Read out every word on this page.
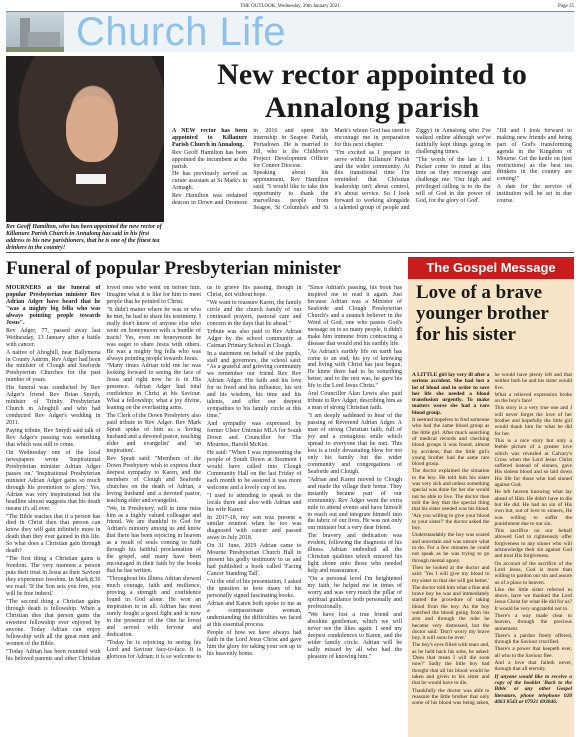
THE OUTLOOK, Wednesday, 20th January 2021	Page 25
Church Life

Rev Geoff Hamilton, who has been appointed the new rector of Killanure Parish Church in Annalong has said in his first address to his new parishioners, that he is one of the finest tea drinkers in the country!

New rector appointed to Annalong parish

A NEW rector has been appointed to Killanure Parish Church in Annalong.

Rev Geoff Hamilton has been appointed the incumbent at the parish.

He has previously served as curate assistant at St Mark's in Armagh.

Rev Hamilton was ordained deacon in Down and Dromore in 2016 and spent his internship in Seapoe Parish, Portadown. He is married to Jill, who is the Children's Project Development Officer for Connor Diocese.

Speaking about his appointment, Rev Hamilton said: "I would like to take this opportunity to thank the marvellous people from Seagoe, St Columba's and St Mark's whom God has used to encourage me in preparation for this next chapter.

"I'm excited as I prepare to serve within Killanure Parish and the wider community. At this transitional time I'm reminded that Christian leadership isn't about control, it's about service. So I look forward to working alongside a talented group of people and Ziggy) in Annalong who I've walked online although we've faithfully kept things going in challenging times.

"The words of the late J. I. Packer come to mind at this time as they encourage and challenge me: 'Our high and privileged calling is to do the will of God in the power of God, for the glory of God'.

"Jill and I look forward to making new friends and being part of God's transforming agenda in the Kingdom of Mourne. Get the kettle on (test restrictions) as the best tea drinkers in the country are coming!"

A date for the service of institution will be set in due course.

Funeral of popular Presbyterian minister

MOURNERS at the funeral of popular Presbyterian minister Rev Adrian Adger have heard that he "was a mighty big fella who was always pointing people towards Jesus".

Rev Adger, 77, passed away last Wednesday, 13 January after a battle with cancer.

A native of Aboghill, near Ballymena in County Antrim, Rev Adger had been the minister of Clough and Seaforde Presbyterian Churches for the past number of years.

His funeral was conducted by Rev Adger's friend Rev Brian Smyth, minister of Trinity Presbyterian Church in Ahoghill and who had conducted Rev Adger's wedding in 2011.

Paying tribute, Rev Smyth said talk of Rev Adger's passing was something that which was still to come.

On Wednesday one of the local newspapers wrote 'Inspirational Presbyterian minister Adrian Adger passes on.' 'Inspirational Presbyterian minister Adrian Adger gains so much through his promotion to glory.' Yes, Adrian was very inspirational but the headline almost suggests that his death means it's all over.

"The Bible teaches that if a person has died in Christ then that person can know they will gain infinitely more in death than they ever gained in this life. So what does a Christian gain through death?

"The first thing a Christian gains is freedom. The very moment a person puts their trust in Jesus as their Saviour they experience freedom. In Mark 8:36 we read: 'If the Son sets you free, you will be free indeed.'

"The second thing a Christian gains through death is fellowship. When a Christian dies that person gains the sweetest fellowship ever enjoyed by anyone. Today Adrian can enjoy fellowship with all the great men and women of the Bible.

"Today Adrian has been reunited with his beloved parents and other Christian loved ones who went on before him. Imagine what it is like for him to meet people that he pointed to Christ.

"It didn't matter where he was or who he met, he had to share his testimony. I really don't know of anyone else who went on honeymoon with a bundle of tracts! Yes, even on honeymoon he was eager to share Jesus with others. He was a mighty big fella who was always pointing people towards Jesus.

"Many times Adrian told me he was looking forward to seeing the face of Jesus and right now he is in His presence. Adrian Adger had total confidence in Christ at his Saviour. What a fellowship; what a joy divine, leaning on the everlasting arms.

The Clerk of the Down Presbytery also paid tribute to Rev Adger. Rev Mark Spratt spoke of him as a 'loving husband and a devoted pastor, teaching elder and evangelist' and 'an inspiration'.

Rev Spratt said: "Members of the Down Presbytery wish to express their deepest sympathy to Karen, and the members of Clough and Seaforde churches on the death of Adrian, a loving husband and a devoted pastor, teaching elder and evangelist.

"We, in Presbytery, will in time miss him as a highly valued colleague and friend. We are thankful to God for Adrian's ministry among us and know that there has been rejoicing in heaven as a result of souls coming to faith through his faithful proclamation of the gospel, and many have been encouraged in their faith by the books that he has written.

"Throughout his illness Adrian showed much courage, faith and resilience, proving a strength and confidence found in God alone. He won an inspiration to us all. Adrian has most surely fought a good fight and is now in the presence of the One he loved and served with fervour and dedication.

"Today he is rejoicing in seeing his Lord and Saviour face-to-face. It is glorious for Adrian; it is so welcome to us to grieve his passing, though in Christ, not without hope.

"We want to reassure Karen, the family circle and the church family of our continued prayers, pastoral care and concern in the days that lie ahead."

Tribute was also paid to Rev Adrian Adger by the school community at Cairnan Primary School in Clough.

In a statement on behalf of the pupils, staff and governors, the school said: "As a grateful and grieving community we remember our friend Rev Rev Adrian Adger. His faith and his love for us freed and his influence, his wit and his wisdom, his time and his talents, and offer our deepest sympathies to his family circle at this time."

And sympathy was expressed by former Ulster Unionist MLA for South Down and Councillor for The Mournes, Harold McKee.

He said: "When I was representing the people of South Down at Stormont I would have called into Clough Community Hall on the last Friday of each month to be assured it was more welcome and a lovely cup of tea.

"I used to attending to speak to the locals there and also with Adrian and his wife Karen.

In 2017-18, my son was present a similar reunion when he too was diagnosed with cancer and passed away in July 2018.

On 31 June, 2019 Adrian came to Mourne Presbyterian Church Hall to present his godly testimony to us and had published a book called 'Facing Cancer Standing Tall'.

"At the end of his presentation, I asked the question to how many of his personally signed fascinating books.

Adrian and Karen both spoke to me as a compassionate woman, understanding the difficulties we faced at this essential process.

People of how we have always had faith in the Lord Jesus Christ and gave him the glory for taking your son up to his heavenly home.

"Since Adrian's passing, his book has inspired me to read it again. Just because Adrian was a Minister of Seaforde and Clough Presbyterian Church's and a staunch believer in the Word of God, one who passes God's message on to so many people, it didn't make him immune from contracting a disease that would end his earthly life.

"As Adrian's earthly life on earth has come to an end, his joy of knowing and living with Christ has just begun. He knew there had to be something better, and to the rest was, he gave his life to the Lord Jesus Christ."

And Councillor Alan Lewis also paid tribute to Rev Adger, describing him as a man of strong Christian faith.

"I am deeply saddened to hear of the passing of Reverend Adrian Adger. A man of strong Christian faith, full of joy and a contagious smile which spread to everyone that he met. This loss is a truly devastating blow for not only his family but the wider community and congregations of Seaforde and Clough.

"Adrian and Karen moved to Clough and made the village their home. They instantly became part of our community. Rev Adger went the extra mile to attend events and have himself to reach out and integrate himself into the fabric of our lives. He was not only our minister but a very dear friend.

The bravery and dedication was evident, following the diagnosis of his illness. Adrian embodied all the Christian qualities which ensured his light shone onto those who needed help and reassurance.

"On a personal level I'm heightened my faith, he helped me in times of worry and was very much the pillar of spiritual guidance both personally and professionally.

"We have lost a true friend and absolute gentleman, which we will never see the likes again. I send my deepest condolences to Karen, and the wider family circle. Adrian will be sadly missed by all who had the pleasure of knowing him."

The Gospel Message
Love of a brave younger brother for his sister

A LITTLE girl lay very ill after a serious accident. She had lost a lot of blood and in order to save her life she needed a blood transfusion urgently. To make matters worse she had a rare blood group.

It seemed hopeless to find someone who had the same blood group as the little girl. After much searching of medical records and checking blood groups it was found, almost by accident, that the little girl's young brother had the same rare blood group.

The doctor explained the situation to the boy. He told him his sister was very sick and unless something special was done for her she would not be able to live. The doctor then told the boy that the special thing that his sister needed was his blood. 'Are you willing to give your blood to your sister?' the doctor asked the boy.

Understandably the boy was scared and uncertain and was unsure what to do. For a few minutes he could not speak as he was trying to go through mental agony.

Then he looked at the doctor and said: 'Yes I will give my blood to my sister so that she will get better.'

The doctor told him what a fine and brave boy he was and immediately started the procedure of taking blood from the boy. As the boy watched the blood going from his arm and through the tube he became very distressed, but the doctor said: 'Don't worry my brave boy, it will soon be over.'

The boy's eyes filled with tears and, as he held back his sobs, he asked: 'Does that mean I will die soon now?' Sadly the little boy had thought that all his blood would be taken and given to his sister and that he would have to die.

Thankfully the doctor was able to reassure the little brother that only some of his blood was being taken, he would have plenty left and that neither both he and his sister would live.

What a relieved expression broke on the boy's face!

This story is a very true one and I will never forget the love of her brother and hopefully the little girl would thank him for what he did for her.

This is a nice story but only a feeble picture of a greater love which was revealed at Calvary's Cross when the Lord Jesus Christ suffered instead of sinners, gave His sinless blood and so laid down His life for those who had sinned against God.

He left heaven knowing what lay ahead of Him. He didn't have to die but He did. He had no sin of His own but, out of love to sinners, He was willing to suffer the punishment due to our sin.

This sacrifice on our behalf allowed God to righteously offer forgiveness to any sinner who will acknowledge their sin against God and trust His forgiveness.

On account of the sacrifice of the Lord Jesus, God is more than willing to pardon our sin and assure us of a place in heaven.

Like the little sister referred to above, have we thanked the Lord Jesus Christ for what He did for us? It would be very ungrateful not to.

There's a way made clear to heaven, through the precious atonement.

There's a pardon freely offered, through the Saviour crucified.

There's a power that keepeth ever, all who to the Saviour flee.

And a love that faileth never, through that all eternity.

If anyone would like to receive a copy of the booklet 'Back to the Bible' or any other Gospel literature, phone telephone 028 4063 8543 or 07921 693046.
